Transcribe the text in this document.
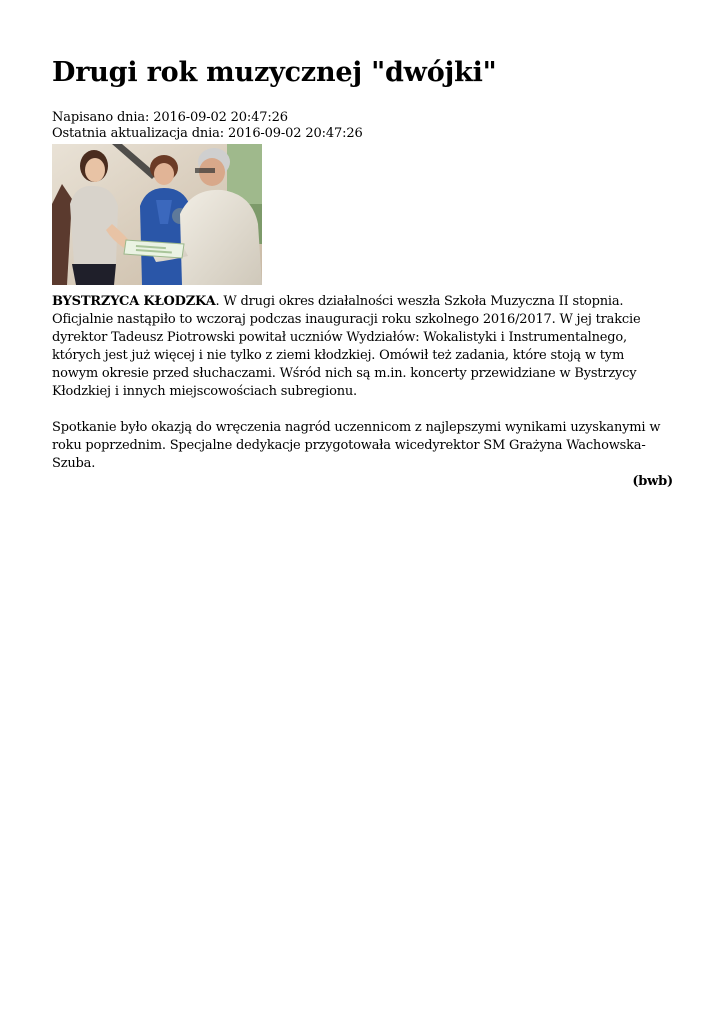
Drugi rok muzycznej "dwójki"
Napisano dnia: 2016-09-02 20:47:26
Ostatnia aktualizacja dnia: 2016-09-02 20:47:26

BYSTRZYCA KŁODZKA. W drugi okres działalności weszła Szkoła Muzyczna II stopnia. Oficjalnie nastąpiło to wczoraj podczas inauguracji roku szkolnego 2016/2017. W jej trakcie dyrektor Tadeusz Piotrowski powitał uczniów Wydziałów: Wokalistyki i Instrumentalnego, których jest już więcej i nie tylko z ziemi kłodzkiej. Omówił też zadania, które stoją w tym nowym okresie przed słuchaczami. Wśród nich są m.in. koncerty przewidziane w Bystrzycy Kłodzkiej i innych miejscowościach subregionu.

Spotkanie było okazją do wręczenia nagród uczennicom z najlepszymi wynikami uzyskanymi w roku poprzednim. Specjalne dedykacje przygotowała wicedyrektor SM Grażyna Wachowska-Szuba.

(bwb)
